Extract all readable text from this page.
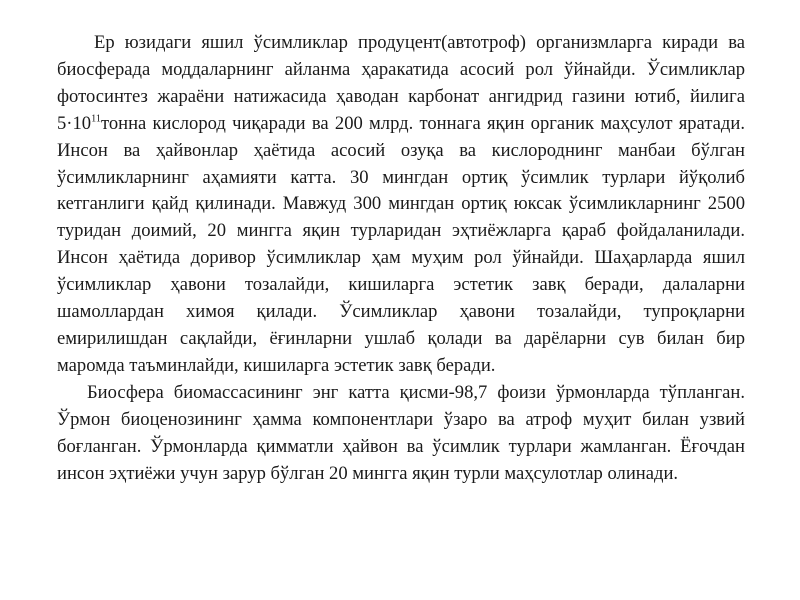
Ер юзидаги яшил ўсимликлар продуцент(автотроф) организмларга киради ва биосферада моддаларнинг айланма ҳаракатида асосий рол ўйнайди. Ўсимликлар фотосинтез жараёни натижасида ҳаводан карбонат ангидрид газини ютиб, йилига $5\cdot 10^{11}тонна$ кислород чиқаради ва 200 млрд. тоннага яқин органик маҳсулот яратади. Инсон ва ҳайвонлар ҳаётида асосий озуқа ва кислороднинг манбаи бўлган ўсимликларнинг аҳамияти катта. 30 мингдан ортиқ ўсимлик турлари йўқолиб кетганлиги қайд қилинади. Мавжуд 300 мингдан ортиқ юксак ўсимликларнинг 2500 туридан доимий, 20 мингга яқин турларидан эҳтиёжларга қараб фойдаланилади. Инсон ҳаётида доривор ўсимликлар ҳам муҳим рол ўйнайди. Шаҳарларда яшил ўсимликлар ҳавони тозалайди, кишиларга эстетик завқ беради, далаларни шамоллардан химоя қилади. Ўсимликлар ҳавони тозалайди, тупроқларни емирилишдан сақлайди, ёғинларни ушлаб қолади ва дарёларни сув билан бир маромда таъминлайди, кишиларга эстетик завқ беради.

Биосфера биомассасининг энг катта қисми-98,7 фоизи ўрмонларда тўпланган. Ўрмон биоценозининг ҳамма компонентлари ўзаро ва атроф муҳит билан узвий боғланган. Ўрмонларда қимматли ҳайвон ва ўсимлик турлари жамланган. Ёғочдан инсон эҳтиёжи учун зарур бўлган 20 мингга яқин турли маҳсулотлар олинади.
